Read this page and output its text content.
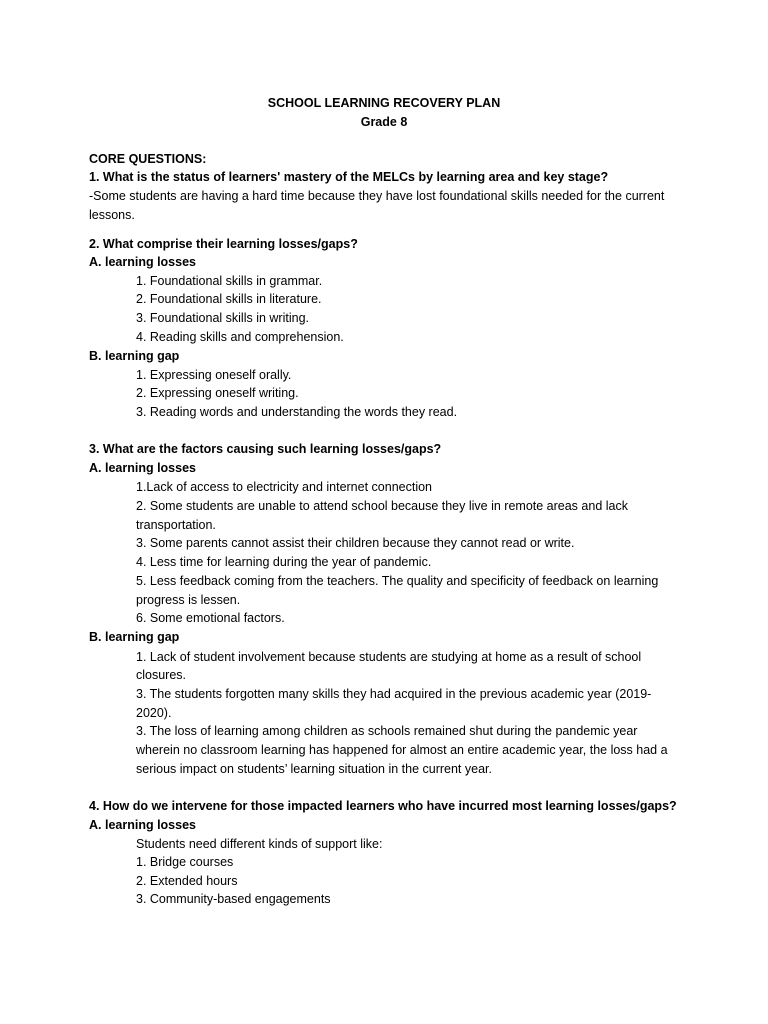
SCHOOL LEARNING RECOVERY PLAN
Grade 8
CORE QUESTIONS:
1. What is the status of learners' mastery of the MELCs by learning area and key stage?
-Some students are having a hard time because they have lost foundational skills needed for the current
lessons.
2. What comprise their learning losses/gaps?
A. learning losses
1. Foundational skills in grammar.
2. Foundational skills in literature.
3. Foundational skills in writing.
4. Reading skills and comprehension.
B. learning gap
1. Expressing oneself orally.
2. Expressing oneself writing.
3. Reading words and understanding the words they read.
3. What are the factors causing such learning losses/gaps?
A. learning losses
1.Lack of access to electricity and internet connection
2. Some students are unable to attend school because they live in remote areas and lack
transportation.
3. Some parents cannot assist their children because they cannot read or write.
4. Less time for learning during the year of pandemic.
5. Less feedback coming from the teachers. The quality and specificity of feedback on learning
progress is lessen.
6. Some emotional factors.
B. learning gap
1. Lack of student involvement because students are studying at home as a result of school
closures.
3. The students forgotten many skills they had acquired in the previous academic year (2019-
2020).
3. The loss of learning among children as schools remained shut during the pandemic year
wherein no classroom learning has happened for almost an entire academic year, the loss had a
serious impact on students’ learning situation in the current year.
4. How do we intervene for those impacted learners who have incurred most learning losses/gaps?
A. learning losses
Students need different kinds of support like:
1. Bridge courses
2. Extended hours
3. Community-based engagements
